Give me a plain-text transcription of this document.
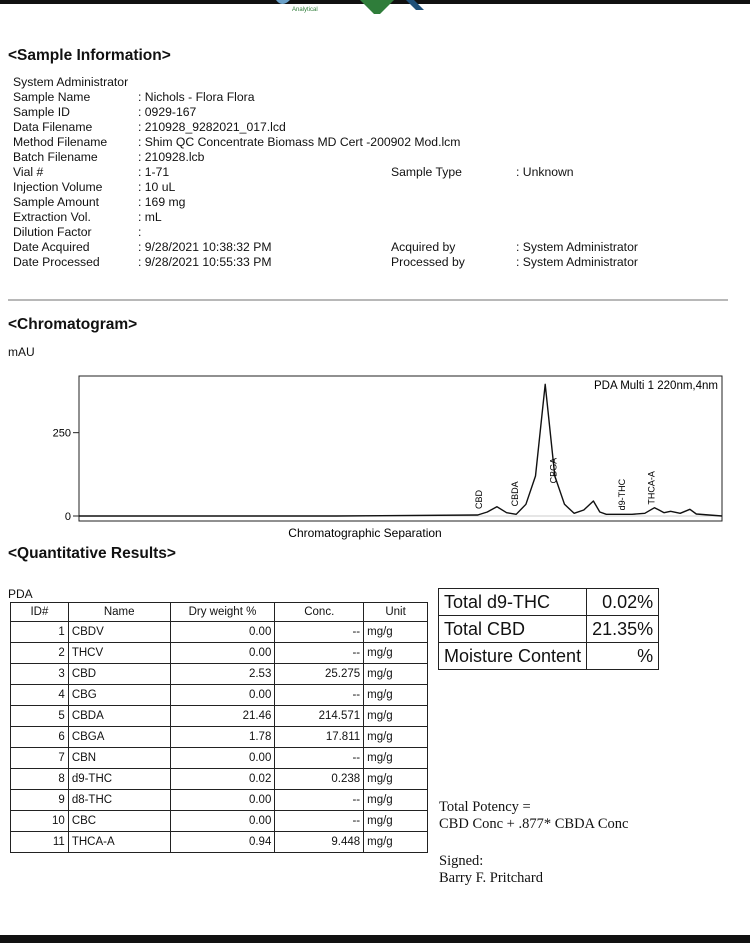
Analytical
<Sample Information>
System Administrator
Sample Name	: Nichols - Flora Flora
Sample ID	: 0929-167
Data Filename	: 210928_9282021_017.lcd
Method Filename	: Shim QC Concentrate Biomass MD Cert -200902 Mod.lcm
Batch Filename	: 210928.lcb
Vial #	: 1-71	Sample Type	: Unknown
Injection Volume	: 10 uL
Sample Amount	: 169 mg
Extraction Vol.	: mL
Dilution Factor	:
Date Acquired	: 9/28/2021 10:38:32 PM	Acquired by	: System Administrator
Date Processed	: 9/28/2021 10:55:33 PM	Processed by	: System Administrator
<Chromatogram>
mAU
PDA Multi 1 220nm,4nm
Chromatographic Separation
0
250
CBD	CBDA
CBGA
d9-THC THCA-A
<Quantitative Results>
PDA
ID#	Name	Dry weight %	Conc.	Unit
1	CBDV	0.00	--	mg/g
2	THCV	0.00	--	mg/g
3	CBD	2.53	25.275	mg/g
4	CBG	0.00	--	mg/g
5	CBDA	21.46	214.571	mg/g
6	CBGA	1.78	17.811	mg/g
7	CBN	0.00	--	mg/g
8	d9-THC	0.02	0.238	mg/g
9	d8-THC	0.00	--	mg/g
10	CBC	0.00	--	mg/g
11	THCA-A	0.94	9.448	mg/g
Total d9-THC	0.02%
Total CBD	21.35%
Moisture Content	%
Total Potency =
CBD Conc + .877* CBDA Conc
Signed:
Barry F. Pritchard
